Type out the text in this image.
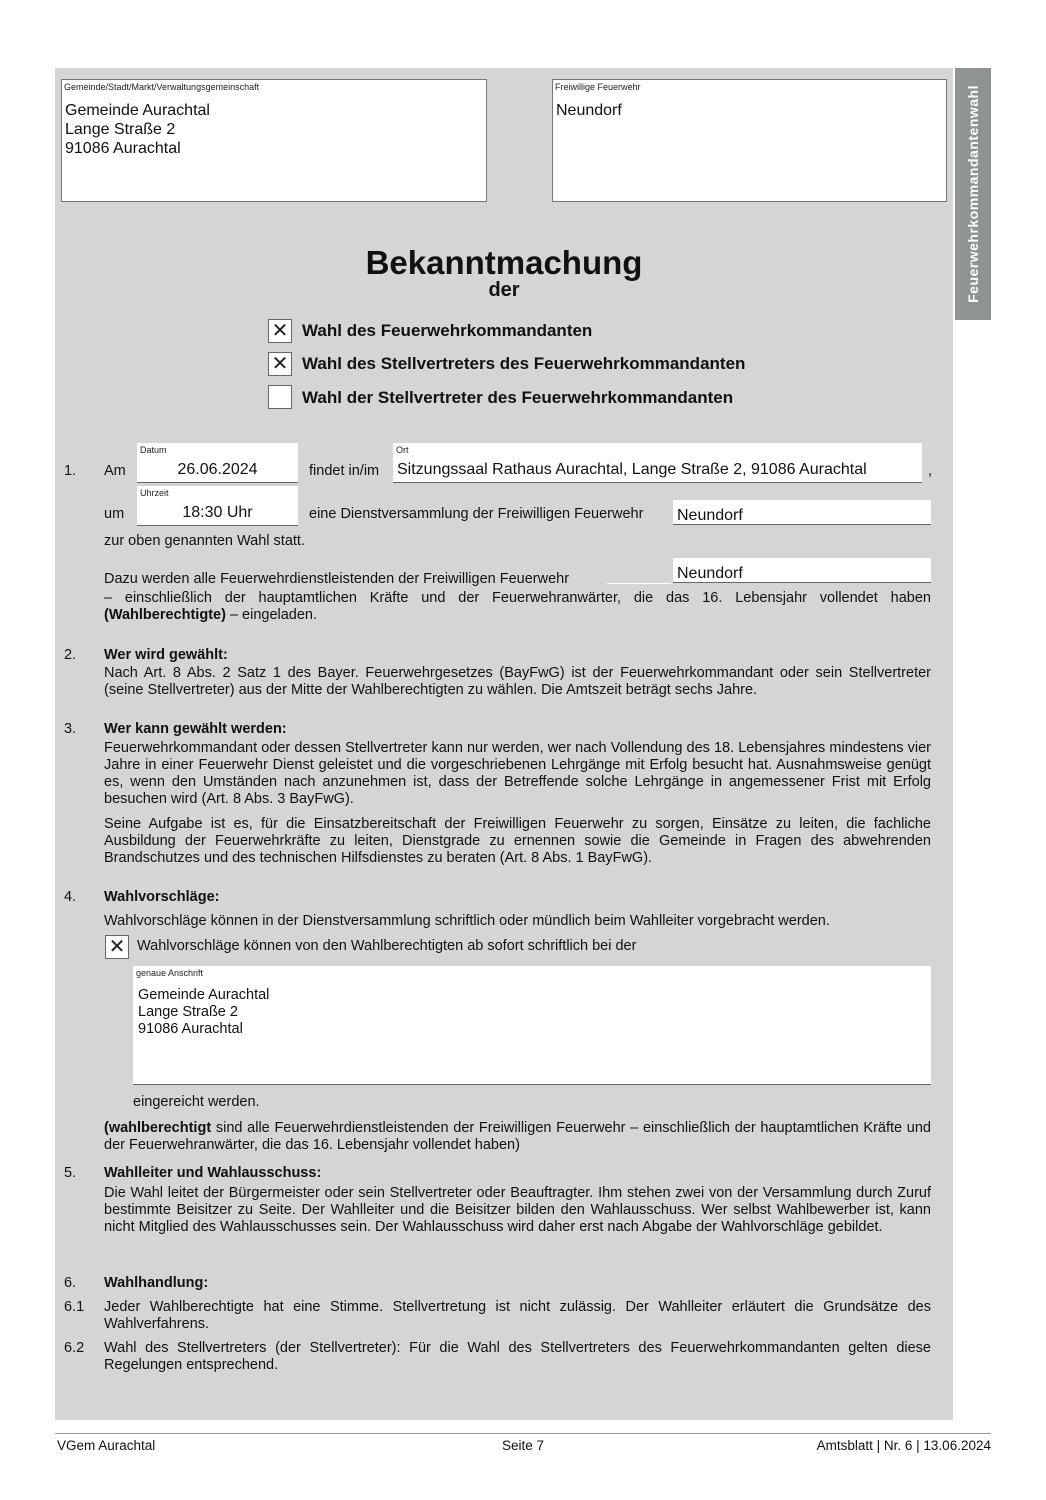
Feuerwehrkommandantenwahl
Gemeinde/Stadt/Markt/Verwaltungsgemeinschaft
Gemeinde Aurachtal
Lange Straße 2
91086 Aurachtal
Freiwillige Feuerwehr
Neundorf
Bekanntmachung
der
✕ Wahl des Feuerwehrkommandanten
✕ Wahl des Stellvertreters des Feuerwehrkommandanten
Wahl der Stellvertreter des Feuerwehrkommandanten
1. Am
Datum
26.06.2024	findet in/im
Ort
Sitzungssaal Rathaus Aurachtal, Lange Straße 2, 91086 Aurachtal	,
um
Uhrzeit
18:30 Uhr	eine Dienstversammlung der Freiwilligen Feuerwehr Neundorf
zur oben genannten Wahl statt.
Dazu werden alle Feuerwehrdienstleistenden der Freiwilligen Feuerwehr	Neundorf
– einschließlich der hauptamtlichen Kräfte und der Feuerwehranwärter, die das 16. Lebensjahr vollendet haben
(Wahlberechtigte) – eingeladen.
2. Wer wird gewählt:
Nach Art. 8 Abs. 2 Satz 1 des Bayer. Feuerwehrgesetzes (BayFwG) ist der Feuerwehrkommandant oder sein Stellvertreter (seine Stellvertreter) aus der Mitte der Wahlberechtigten zu wählen. Die Amtszeit beträgt sechs Jahre.
3. Wer kann gewählt werden:
Feuerwehrkommandant oder dessen Stellvertreter kann nur werden, wer nach Vollendung des 18. Lebensjahres mindestens vier Jahre in einer Feuerwehr Dienst geleistet und die vorgeschriebenen Lehrgänge mit Erfolg besucht hat. Ausnahmsweise genügt es, wenn den Umständen nach anzunehmen ist, dass der Betreffende solche Lehrgänge in angemessener Frist mit Erfolg besuchen wird (Art. 8 Abs. 3 BayFwG).
Seine Aufgabe ist es, für die Einsatzbereitschaft der Freiwilligen Feuerwehr zu sorgen, Einsätze zu leiten, die fachliche Ausbildung der Feuerwehrkräfte zu leiten, Dienstgrade zu ernennen sowie die Gemeinde in Fragen des abwehrenden Brandschutzes und des technischen Hilfsdienstes zu beraten (Art. 8 Abs. 1 BayFwG).
4. Wahlvorschläge:
Wahlvorschläge können in der Dienstversammlung schriftlich oder mündlich beim Wahlleiter vorgebracht werden.
✕ Wahlvorschläge können von den Wahlberechtigten ab sofort schriftlich bei der
genaue Anschrift
Gemeinde Aurachtal
Lange Straße 2
91086 Aurachtal
eingereicht werden.
(wahlberechtigt sind alle Feuerwehrdienstleistenden der Freiwilligen Feuerwehr – einschließlich der hauptamtlichen Kräfte und der Feuerwehranwärter, die das 16. Lebensjahr vollendet haben)
5. Wahlleiter und Wahlausschuss:
Die Wahl leitet der Bürgermeister oder sein Stellvertreter oder Beauftragter. Ihm stehen zwei von der Versammlung durch Zuruf bestimmte Beisitzer zu Seite. Der Wahlleiter und die Beisitzer bilden den Wahlausschuss. Wer selbst Wahlbewerber ist, kann nicht Mitglied des Wahlausschusses sein. Der Wahlausschuss wird daher erst nach Abgabe der Wahlvorschläge gebildet.
6. Wahlhandlung:
6.1 Jeder Wahlberechtigte hat eine Stimme. Stellvertretung ist nicht zulässig. Der Wahlleiter erläutert die Grundsätze des Wahlverfahrens.
6.2 Wahl des Stellvertreters (der Stellvertreter): Für die Wahl des Stellvertreters des Feuerwehrkommandanten gelten diese Regelungen entsprechend.
VGem Aurachtal	Seite 7	Amtsblatt | Nr. 6 | 13.06.2024
